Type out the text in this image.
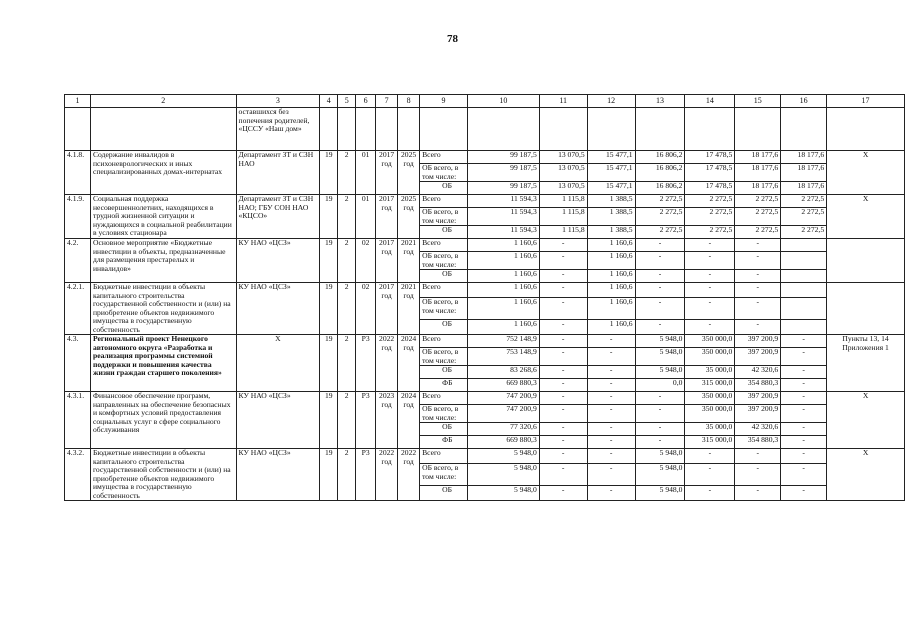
78
1	2	3	4	5	6	7	8	9	10	11	12	13	14	15	16	17
		оставшихся без попечения родителей, «ЦССУ «Наш дом»														
4.1.8.	Содержание инвалидов в психоневрологических и иных специализированных домах-интернатах	Департамент ЗТ и СЗН НАО	19	2	01	2017 год	2025 год	Всего	99 187,5	13 070,5	15 477,1	16 806,2	17 478,5	18 177,6	18 177,6	X
								ОБ всего, в том числе:	99 187,5	13 070,5	15 477,1	16 806,2	17 478,5	18 177,6	18 177,6	
								ОБ	99 187,5	13 070,5	15 477,1	16 806,2	17 478,5	18 177,6	18 177,6	
4.1.9.	Социальная поддержка несовершеннолетних, находящихся в трудной жизненной ситуации и нуждающихся в социальной реабилитации в условиях стационара	Департамент ЗТ и СЗН НАО; ГБУ СОН НАО «КЦСО»	19	2	01	2017 год	2025 год	Всего	11 594,3	1 115,8	1 388,5	2 272,5	2 272,5	2 272,5	2 272,5	X
								ОБ всего, в том числе:	11 594,3	1 115,8	1 388,5	2 272,5	2 272,5	2 272,5	2 272,5	
								ОБ	11 594,3	1 115,8	1 388,5	2 272,5	2 272,5	2 272,5	2 272,5	
4.2.	Основное мероприятие «Бюджетные инвестиции в объекты, предназначенные для размещения престарелых и инвалидов»	КУ НАО «ЦСЗ»	19	2	02	2017 год	2021 год	Всего	1 160,6	-	1 160,6	-	-	-		
								ОБ всего, в том числе:	1 160,6	-	1 160,6	-	-	-		
								ОБ	1 160,6	-	1 160,6	-	-	-		
4.2.1.	Бюджетные инвестиции в объекты капитального строительства государственной собственности и (или) на приобретение объектов недвижимого имущества в государственную собственность	КУ НАО «ЦСЗ»	19	2	02	2017 год	2021 год	Всего	1 160,6	-	1 160,6	-	-	-		
								ОБ всего, в том числе:	1 160,6	-	1 160,6	-	-	-		
								ОБ	1 160,6	-	1 160,6	-	-	-		
4.3.	Региональный проект Ненецкого автономного округа «Разработка и реализация программы системной поддержки и повышения качества жизни граждан старшего поколения»	X	19	2	P3	2022 год	2024 год	Всего	752 148,9	-	-	5 948,0	350 000,0	397 200,9	-	Пункты 13, 14 Приложения 1
								ОБ всего, в том числе:	753 148,9	-	-	5 948,0	350 000,0	397 200,9	-	
								ОБ	83 268,6	-	-	5 948,0	35 000,0	42 320,6	-	
								ФБ	669 880,3	-	-	0,0	315 000,0	354 880,3	-	
4.3.1.	Финансовое обеспечение программ, направленных на обеспечение безопасных и комфортных условий предоставления социальных услуг в сфере социального обслуживания	КУ НАО «ЦСЗ»	19	2	P3	2023 год	2024 год	Всего	747 200,9	-	-	-	350 000,0	397 200,9	-	X
								ОБ всего, в том числе:	747 200,9	-	-	-	350 000,0	397 200,9	-	
								ОБ	77 320,6	-	-	-	35 000,0	42 320,6	-	
								ФБ	669 880,3	-	-	-	315 000,0	354 880,3	-	
4.3.2.	Бюджетные инвестиции в объекты капитального строительства государственной собственности и (или) на приобретение объектов недвижимого имущества в государственную собственность	КУ НАО «ЦСЗ»	19	2	P3	2022 год	2022 год	Всего	5 948,0	-	-	5 948,0	-	-	-	X
								ОБ всего, в том числе:	5 948,0	-	-	5 948,0	-	-	-	
								ОБ	5 948,0	-	-	5 948,0	-	-	-	
